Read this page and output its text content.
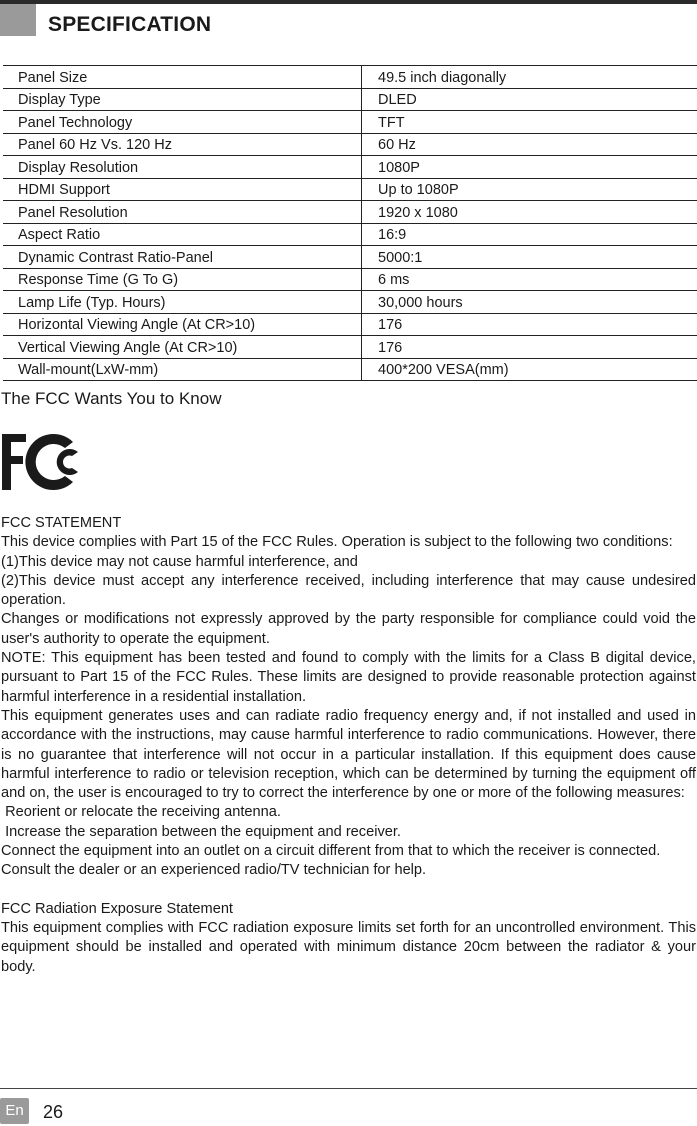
SPECIFICATION
Panel Size	49.5 inch diagonally
Display Type	DLED
Panel Technology	TFT
Panel 60 Hz Vs. 120 Hz	60 Hz
Display Resolution	1080P
HDMI Support	Up to 1080P
Panel Resolution	1920 x 1080
Aspect Ratio	16:9
Dynamic Contrast Ratio-Panel	5000:1
Response Time (G To G)	6 ms
Lamp Life (Typ. Hours)	30,000 hours
Horizontal Viewing Angle (At CR>10)	176
Vertical Viewing Angle (At CR>10)	176
Wall-mount(LxW-mm)	400*200 VESA(mm)
The FCC Wants You to Know

FCC STATEMENT

This device complies with Part 15 of the FCC Rules. Operation is subject to the following two conditions:

(1)This device may not cause harmful interference, and

(2)This device must accept any interference received, including interference that may cause undesired operation.

Changes or modifications not expressly approved by the party responsible for compliance could void the user's authority to operate the equipment.

NOTE: This equipment has been tested and found to comply with the limits for a Class B digital device, pursuant to Part 15 of the FCC Rules. These limits are designed to provide reasonable protection against harmful interference in a residential installation.

This equipment generates uses and can radiate radio frequency energy and, if not installed and used in accordance with the instructions, may cause harmful interference to radio communications. However, there is no guarantee that interference will not occur in a particular installation. If this equipment does cause harmful interference to radio or television reception, which can be determined by turning the equipment off and on, the user is encouraged to try to correct the interference by one or more of the following measures:

Reorient or relocate the receiving antenna.

Increase the separation between the equipment and receiver.

Connect the equipment into an outlet on a circuit different from that to which the receiver is connected.

Consult the dealer or an experienced radio/TV technician for help.

FCC Radiation Exposure Statement

This equipment complies with FCC radiation exposure limits set forth for an uncontrolled environment. This equipment should be installed and operated with minimum distance 20cm between the radiator & your body.

En 26
